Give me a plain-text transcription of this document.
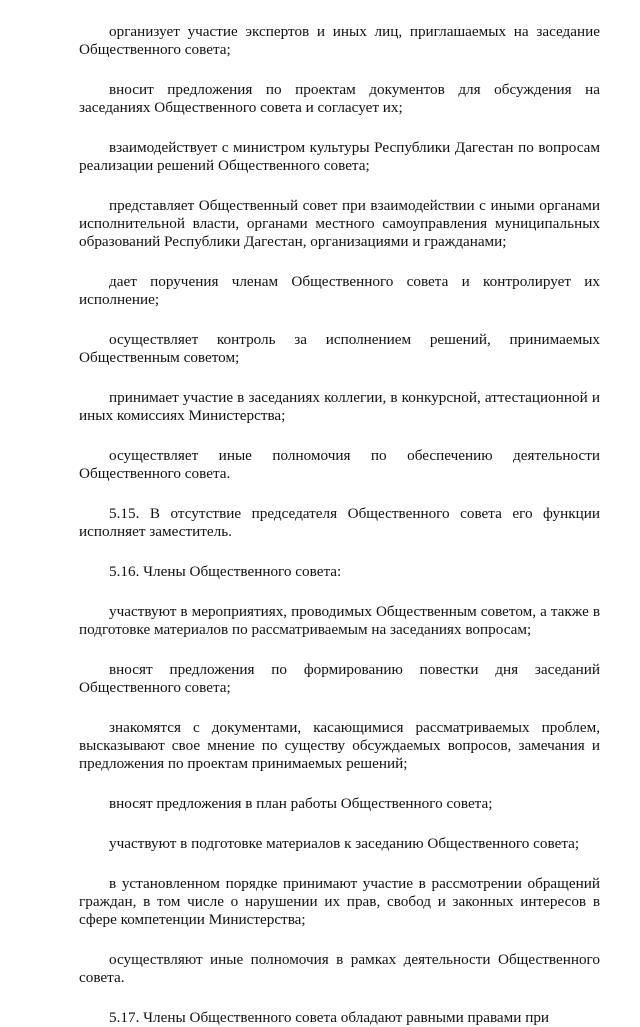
организует участие экспертов и иных лиц, приглашаемых на заседание Общественного совета;

вносит предложения по проектам документов для обсуждения на заседаниях Общественного совета и согласует их;

взаимодействует с министром культуры Республики Дагестан по вопросам реализации решений Общественного совета;

представляет Общественный совет при взаимодействии с иными органами исполнительной власти, органами местного самоуправления муниципальных образований Республики Дагестан, организациями и гражданами;

дает поручения членам Общественного совета и контролирует их исполнение;

осуществляет контроль за исполнением решений, принимаемых Общественным советом;

принимает участие в заседаниях коллегии, в конкурсной, аттестационной и иных комиссиях Министерства;

осуществляет иные полномочия по обеспечению деятельности Общественного совета.

5.15. В отсутствие председателя Общественного совета его функции исполняет заместитель.

5.16. Члены Общественного совета:

участвуют в мероприятиях, проводимых Общественным советом, а также в подготовке материалов по рассматриваемым на заседаниях вопросам;

вносят предложения по формированию повестки дня заседаний Общественного совета;

знакомятся с документами, касающимися рассматриваемых проблем, высказывают свое мнение по существу обсуждаемых вопросов, замечания и предложения по проектам принимаемых решений;

вносят предложения в план работы Общественного совета;

участвуют в подготовке материалов к заседанию Общественного совета;

в установленном порядке принимают участие в рассмотрении обращений граждан, в том числе о нарушении их прав, свобод и законных интересов в сфере компетенции Министерства;

осуществляют иные полномочия в рамках деятельности Общественного совета.

5.17. Члены Общественного совета обладают равными правами при
